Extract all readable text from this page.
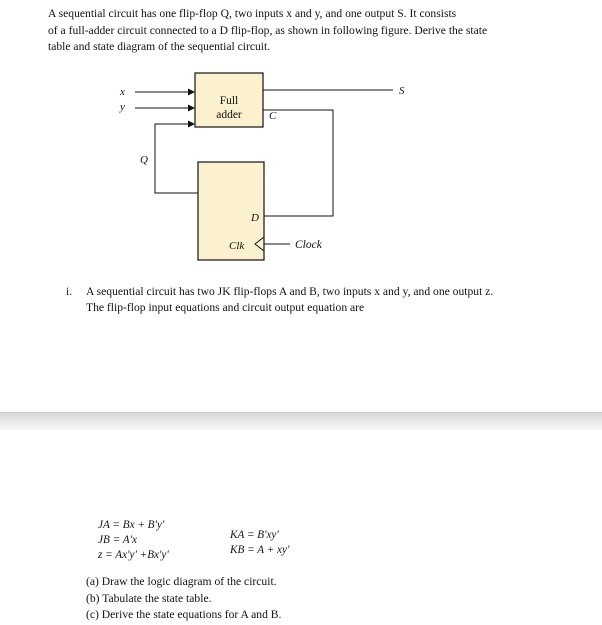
A sequential circuit has one flip-flop Q, two inputs x and y, and one output S. It consists
of a full-adder circuit connected to a D flip-flop, as shown in following figure. Derive the state
table and state diagram of the sequential circuit.
Full
adder
D
Clk	Clock
x
y
Q
S
C
i. A sequential circuit has two JK flip-flops A and B, two inputs x and y, and one output z.
The flip-flop input equations and circuit output equation are
JA = Bx + B'y'
JB = A'x
z = Ax'y' +Bx'y'
KA = B'xy'
KB = A + xy'
(a) Draw the logic diagram of the circuit.
(b) Tabulate the state table.
(c) Derive the state equations for A and B.
